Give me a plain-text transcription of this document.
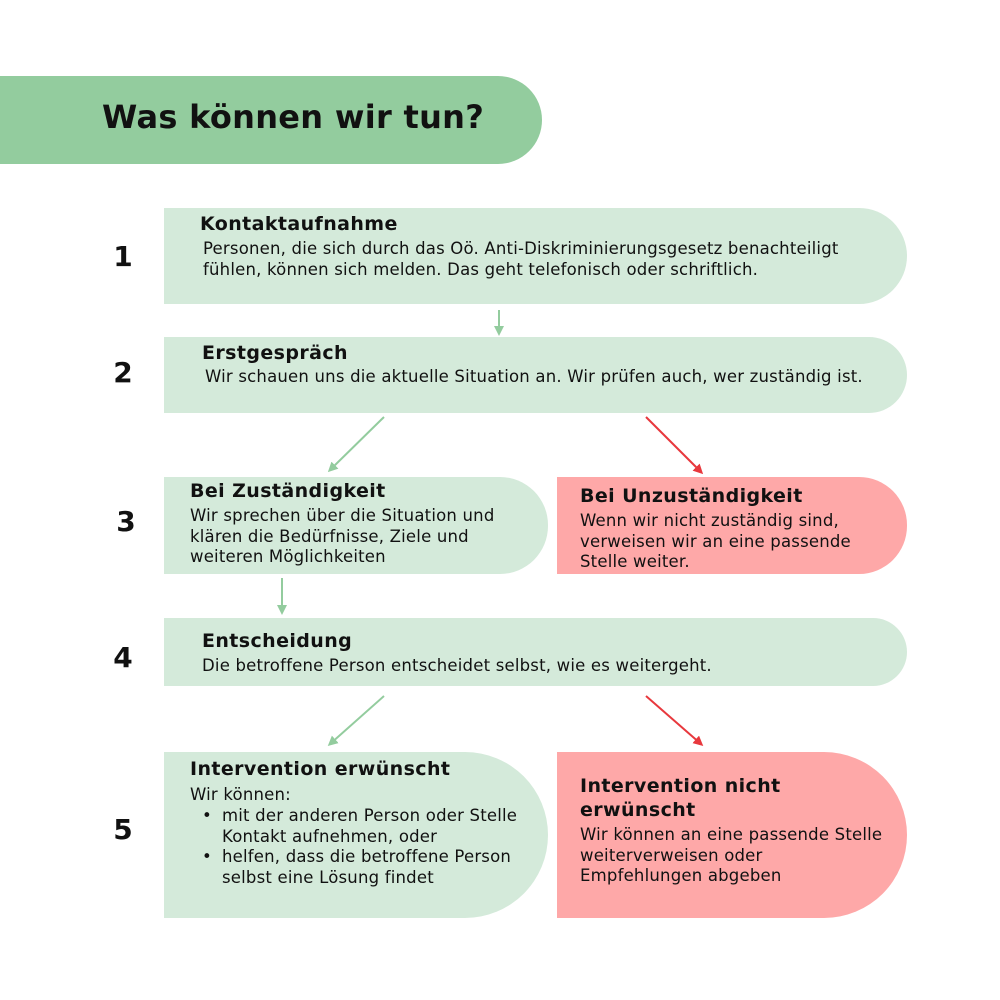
Was können wir tun?
1
Kontaktaufnahme
Personen, die sich durch das Oö. Anti-Diskriminierungsgesetz benachteiligt fühlen, können sich melden. Das geht telefonisch oder schriftlich.
2
Erstgespräch
Wir schauen uns die aktuelle Situation an. Wir prüfen auch, wer zuständig ist.
3
Bei Zuständigkeit
Wir sprechen über die Situation und klären die Bedürfnisse, Ziele und weiteren Möglichkeiten
Bei Unzuständigkeit
Wenn wir nicht zuständig sind, verweisen wir an eine passende Stelle weiter.
4	Entscheidung
Die betroffene Person entscheidet selbst, wie es weitergeht.
5
Intervention erwünscht
Wir können:
• mit der anderen Person oder Stelle Kontakt aufnehmen, oder
• helfen, dass die betroffene Person selbst eine Lösung findet
Intervention nicht erwünscht
Wir können an eine passende Stelle weiterverweisen oder Empfehlungen abgeben
